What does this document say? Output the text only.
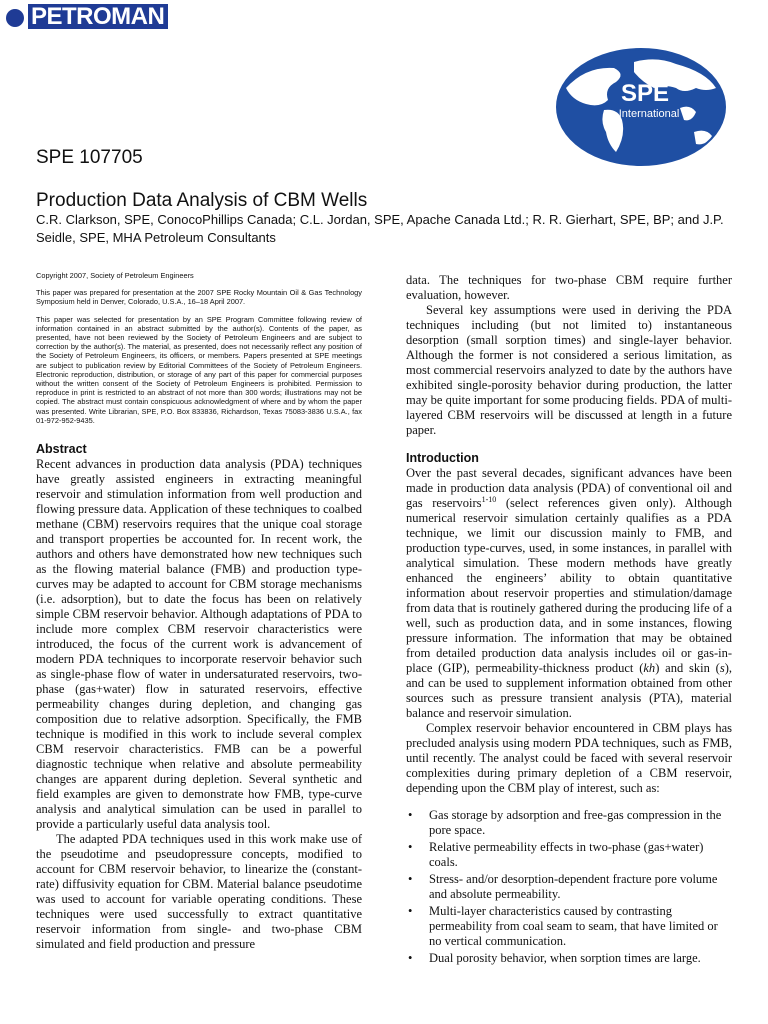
PETROMAN
SPE
International
SPE 107705
Production Data Analysis of CBM Wells
C.R. Clarkson, SPE, ConocoPhillips Canada; C.L. Jordan, SPE, Apache Canada Ltd.; R. R. Gierhart, SPE, BP; and J.P. Seidle, SPE, MHA Petroleum Consultants

Copyright 2007, Society of Petroleum Engineers

This paper was prepared for presentation at the 2007 SPE Rocky Mountain Oil & Gas Technology Symposium held in Denver, Colorado, U.S.A., 16–18 April 2007.

This paper was selected for presentation by an SPE Program Committee following review of information contained in an abstract submitted by the author(s). Contents of the paper, as presented, have not been reviewed by the Society of Petroleum Engineers and are subject to correction by the author(s). The material, as presented, does not necessarily reflect any position of the Society of Petroleum Engineers, its officers, or members. Papers presented at SPE meetings are subject to publication review by Editorial Committees of the Society of Petroleum Engineers. Electronic reproduction, distribution, or storage of any part of this paper for commercial purposes without the written consent of the Society of Petroleum Engineers is prohibited. Permission to reproduce in print is restricted to an abstract of not more than 300 words; illustrations may not be copied. The abstract must contain conspicuous acknowledgment of where and by whom the paper was presented. Write Librarian, SPE, P.O. Box 833836, Richardson, Texas 75083-3836 U.S.A., fax 01-972-952-9435.

Abstract

Recent advances in production data analysis (PDA) techniques have greatly assisted engineers in extracting meaningful reservoir and stimulation information from well production and flowing pressure data. Application of these techniques to coalbed methane (CBM) reservoirs requires that the unique coal storage and transport properties be accounted for. In recent work, the authors and others have demonstrated how new techniques such as the flowing material balance (FMB) and production type-curves may be adapted to account for CBM storage mechanisms (i.e. adsorption), but to date the focus has been on relatively simple CBM reservoir behavior. Although adaptations of PDA to include more complex CBM reservoir characteristics were introduced, the focus of the current work is advancement of modern PDA techniques to incorporate reservoir behavior such as single-phase flow of water in undersaturated reservoirs, two-phase (gas+water) flow in saturated reservoirs, effective permeability changes during depletion, and changing gas composition due to relative adsorption. Specifically, the FMB technique is modified in this work to include several complex CBM reservoir characteristics. FMB can be a powerful diagnostic technique when relative and absolute permeability changes are apparent during depletion. Several synthetic and field examples are given to demonstrate how FMB, type-curve analysis and analytical simulation can be used in parallel to provide a particularly useful data analysis tool.

The adapted PDA techniques used in this work make use of the pseudotime and pseudopressure concepts, modified to account for CBM reservoir behavior, to linearize the (constant-rate) diffusivity equation for CBM. Material balance pseudotime was used to account for variable operating conditions. These techniques were used successfully to extract quantitative reservoir information from single- and two-phase CBM simulated and field production and pressure

data. The techniques for two-phase CBM require further evaluation, however.

Several key assumptions were used in deriving the PDA techniques including (but not limited to) instantaneous desorption (small sorption times) and single-layer behavior. Although the former is not considered a serious limitation, as most commercial reservoirs analyzed to date by the authors have exhibited single-porosity behavior during production, the latter may be quite important for some producing fields. PDA of multi-layered CBM reservoirs will be discussed at length in a future paper.

Introduction

Over the past several decades, significant advances have been made in production data analysis (PDA) of conventional oil and gas reservoirs$^{1-10}$ (select references given only). Although numerical reservoir simulation certainly qualifies as a PDA technique, we limit our discussion mainly to FMB, and production type-curves, used, in some instances, in parallel with analytical simulation. These modern methods have greatly enhanced the engineers’ ability to obtain quantitative information about reservoir properties and stimulation/damage from data that is routinely gathered during the producing life of a well, such as production data, and in some instances, flowing pressure information. The information that may be obtained from detailed production data analysis includes oil or gas-in-place (GIP), permeability-thickness product (kh) and skin (s), and can be used to supplement information obtained from other sources such as pressure transient analysis (PTA), material balance and reservoir simulation.

Complex reservoir behavior encountered in CBM plays has precluded analysis using modern PDA techniques, such as FMB, until recently. The analyst could be faced with several reservoir complexities during primary depletion of a CBM reservoir, depending upon the CBM play of interest, such as:

• Gas storage by adsorption and free-gas compression in the pore space.
• Relative permeability effects in two-phase (gas+water) coals.
• Stress- and/or desorption-dependent fracture pore volume and absolute permeability.
• Multi-layer characteristics caused by contrasting permeability from coal seam to seam, that have limited or no vertical communication.
• Dual porosity behavior, when sorption times are large.
